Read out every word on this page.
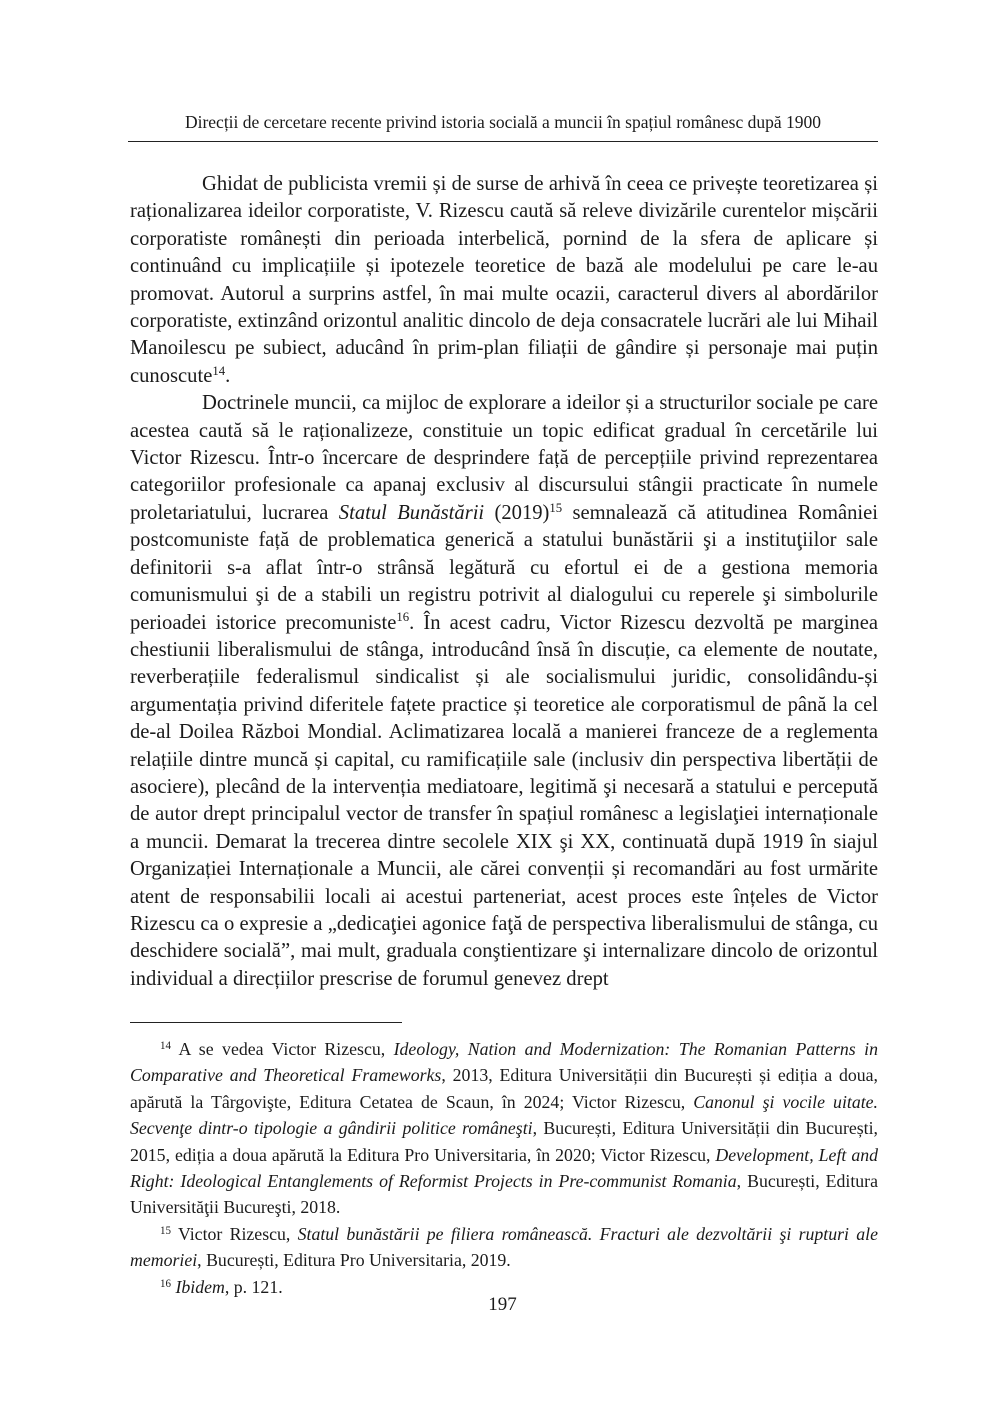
Direcții de cercetare recente privind istoria socială a muncii în spațiul românesc după 1900

Ghidat de publicista vremii și de surse de arhivă în ceea ce privește teoretizarea și raționalizarea ideilor corporatiste, V. Rizescu caută să releve divizările curentelor mișcării corporatiste românești din perioada interbelică, pornind de la sfera de aplicare și continuând cu implicațiile și ipotezele teoretice de bază ale modelului pe care le-au promovat. Autorul a surprins astfel, în mai multe ocazii, caracterul divers al abordărilor corporatiste, extinzând orizontul analitic dincolo de deja consacratele lucrări ale lui Mihail Manoilescu pe subiect, aducând în prim-plan filiații de gândire și personaje mai puțin cunoscute$^{14}$.

Doctrinele muncii, ca mijloc de explorare a ideilor și a structurilor sociale pe care acestea caută să le raționalizeze, constituie un topic edificat gradual în cercetările lui Victor Rizescu. Într-o încercare de desprindere față de percepțiile privind reprezentarea categoriilor profesionale ca apanaj exclusiv al discursului stângii practicate în numele proletariatului, lucrarea Statul Bunăstării $(2019)^{15}$ semnalează că atitudinea României postcomuniste față de problematica generică a statului bunăstării şi a instituţiilor sale definitorii s-a aflat într-o strânsă legătură cu efortul ei de a gestiona memoria comunismului şi de a stabili un registru potrivit al dialogului cu reperele şi simbolurile perioadei istorice precomuniste$^{16}$. În acest cadru, Victor Rizescu dezvoltă pe marginea chestiunii liberalismului de stânga, introducând însă în discuție, ca elemente de noutate, reverberațiile federalismul sindicalist și ale socialismului juridic, consolidându-și argumentația privind diferitele fațete practice și teoretice ale corporatismul de până la cel de-al Doilea Război Mondial. Aclimatizarea locală a manierei franceze de a reglementa relațiile dintre muncă și capital, cu ramificațiile sale (inclusiv din perspectiva libertății de asociere), plecând de la intervenția mediatoare, legitimă şi necesară a statului e percepută de autor drept principalul vector de transfer în spațiul românesc a legislaţiei internaționale a muncii. Demarat la trecerea dintre secolele XIX şi XX, continuată după 1919 în siajul Organizației Internaționale a Muncii, ale cărei convenții și recomandări au fost urmărite atent de responsabilii locali ai acestui parteneriat, acest proces este înțeles de Victor Rizescu ca o expresie a „dedicaţiei agonice faţă de perspectiva liberalismului de stânga, cu deschidere socială”, mai mult, graduala conştientizare şi internalizare dincolo de orizontul individual a direcțiilor prescrise de forumul genevez drept

$^{14}$ A se vedea Victor Rizescu, Ideology, Nation and Modernization: The Romanian Patterns in Comparative and Theoretical Frameworks, 2013, Editura Universității din București și ediția a doua, apărută la Târgovişte, Editura Cetatea de Scaun, în 2024; Victor Rizescu, Canonul şi vocile uitate. Secvenţe dintr-o tipologie a gândirii politice româneşti, București, Editura Universității din București, 2015, ediția a doua apărută la Editura Pro Universitaria, în 2020; Victor Rizescu, Development, Left and Right: Ideological Entanglements of Reformist Projects in Pre-communist Romania, București, Editura Universităţii Bucureşti, 2018.

$^{15}$ Victor Rizescu, Statul bunăstării pe filiera românească. Fracturi ale dezvoltării şi rupturi ale memoriei, București, Editura Pro Universitaria, 2019.

$^{16}$ Ibidem, p. 121.

197
